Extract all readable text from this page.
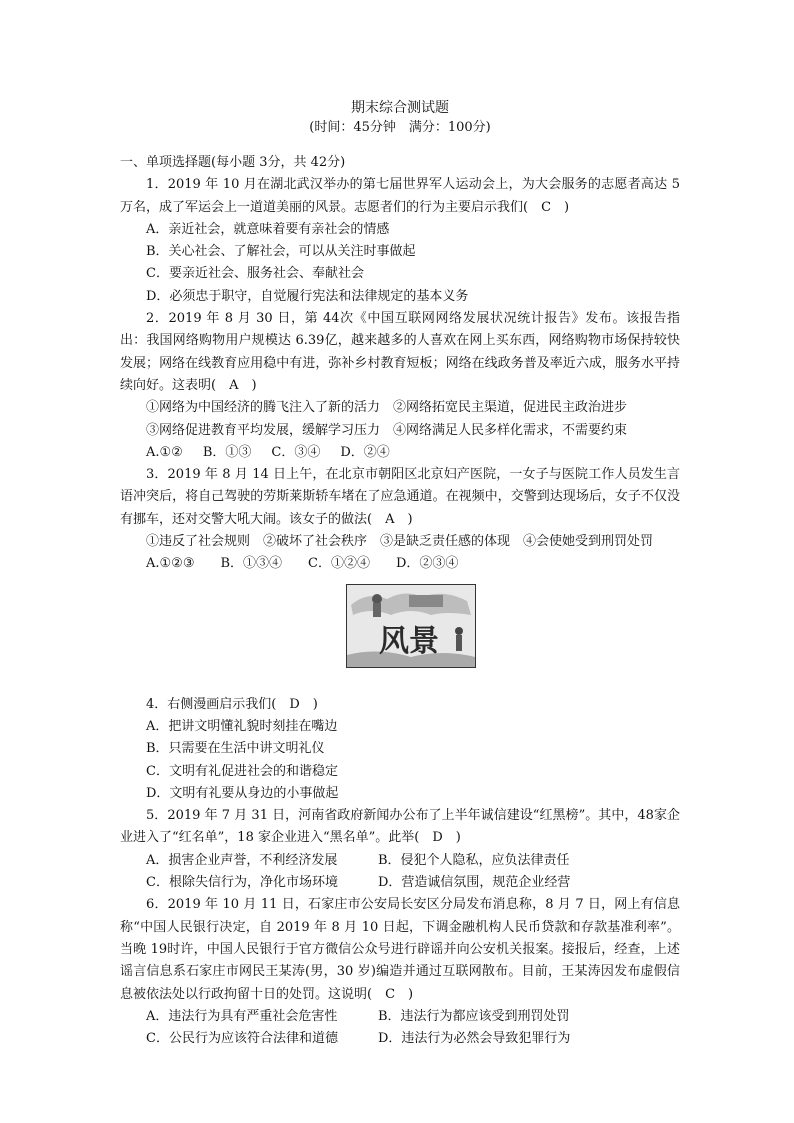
期末综合测试题
(时间：45分钟　满分：100分)
一、单项选择题(每小题 3分，共 42分)
1．2019 年 10 月在湖北武汉举办的第七届世界军人运动会上，为大会服务的志愿者高达 5万名，成了军运会上一道道美丽的风景。志愿者们的行为主要启示我们(　C　)
A．亲近社会，就意味着要有亲社会的情感
B．关心社会、了解社会，可以从关注时事做起
C．要亲近社会、服务社会、奉献社会
D．必须忠于职守，自觉履行宪法和法律规定的基本义务
2．2019 年 8 月 30 日，第 44次《中国互联网网络发展状况统计报告》发布。该报告指出：我国网络购物用户规模达 6.39亿，越来越多的人喜欢在网上买东西，网络购物市场保持较快发展；网络在线教育应用稳中有进，弥补乡村教育短板；网络在线政务普及率近六成，服务水平持续向好。这表明(　A　)
①网络为中国经济的腾飞注入了新的活力　②网络拓宽民主渠道，促进民主政治进步
③网络促进教育平均发展，缓解学习压力　④网络满足人民多样化需求，不需要约束
A.①② B．①③ C．③④ D．②④
3．2019 年 8 月 14 日上午，在北京市朝阳区北京妇产医院，一女子与医院工作人员发生言语冲突后，将自己驾驶的劳斯莱斯轿车堵在了应急通道。在视频中，交警到达现场后，女子不仅没有挪车，还对交警大吼大闹。该女子的做法(　A　)
①违反了社会规则　②破坏了社会秩序　③是缺乏责任感的体现　④会使她受到刑罚处罚
A.①②③ B．①③④ C．①②④ D．②③④
风景
4．右侧漫画启示我们(　D　)
A．把讲文明懂礼貌时刻挂在嘴边
B．只需要在生活中讲文明礼仪
C．文明有礼促进社会的和谐稳定
D．文明有礼要从身边的小事做起
5．2019 年 7 月 31 日，河南省政府新闻办公布了上半年诚信建设“红黑榜”。其中，48家企业进入了“红名单”，18 家企业进入“黑名单”。此举(　D　)
A．损害企业声誉，不利经济发展	B．侵犯个人隐私，应负法律责任
C．根除失信行为，净化市场环境	D．营造诚信氛围，规范企业经营
6．2019 年 10 月 11 日，石家庄市公安局长安区分局发布消息称，8 月 7 日，网上有信息称“中国人民银行决定，自 2019 年 8 月 10 日起，下调金融机构人民币贷款和存款基准利率”。当晚 19时许，中国人民银行于官方微信公众号进行辟谣并向公安机关报案。接报后，经查，上述谣言信息系石家庄市网民王某涛(男，30 岁)编造并通过互联网散布。目前，王某涛因发布虚假信息被依法处以行政拘留十日的处罚。这说明(　C　)
A．违法行为具有严重社会危害性	B．违法行为都应该受到刑罚处罚
C．公民行为应该符合法律和道德	D．违法行为必然会导致犯罪行为
